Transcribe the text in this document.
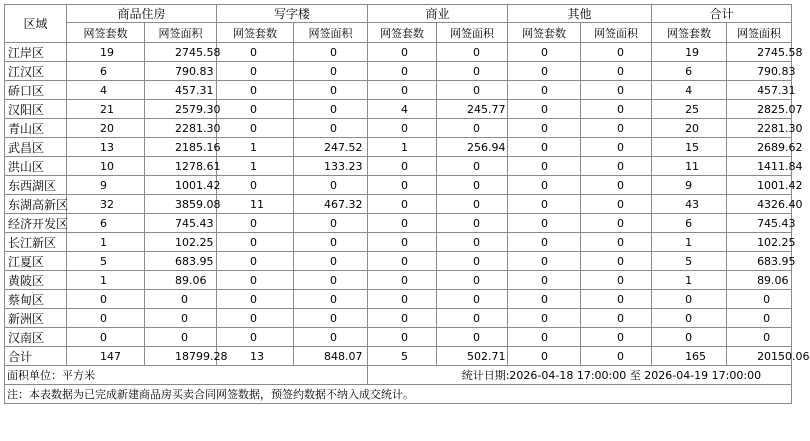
区域	商品住房		写字楼		商业		其他		合计	
	网签套数	网签面积	网签套数	网签面积	网签套数	网签面积	网签套数	网签面积	网签套数	网签面积
江岸区	19	2745.58	0	0	0	0	0	0	19	2745.58
江汉区	6	790.83	0	0	0	0	0	0	6	790.83
硚口区	4	457.31	0	0	0	0	0	0	4	457.31
汉阳区	21	2579.30	0	0	4	245.77	0	0	25	2825.07
青山区	20	2281.30	0	0	0	0	0	0	20	2281.30
武昌区	13	2185.16	1	247.52	1	256.94	0	0	15	2689.62
洪山区	10	1278.61	1	133.23	0	0	0	0	11	1411.84
东西湖区	9	1001.42	0	0	0	0	0	0	9	1001.42
东湖高新区	32	3859.08	11	467.32	0	0	0	0	43	4326.40
经济开发区	6	745.43	0	0	0	0	0	0	6	745.43
长江新区	1	102.25	0	0	0	0	0	0	1	102.25
江夏区	5	683.95	0	0	0	0	0	0	5	683.95
黄陂区	1	89.06	0	0	0	0	0	0	1	89.06
蔡甸区	0	0	0	0	0	0	0	0	0	0
新洲区	0	0	0	0	0	0	0	0	0	0
汉南区	0	0	0	0	0	0	0	0	0	0
合计	147	18799.28	13	848.07	5	502.71	0	0	165	20150.06
面积单位：平方米					统计日期:2026-04-18 17:00:00 至 2026-04-19 17:00:00					
注：本表数据为已完成新建商品房买卖合同网签数据，预签约数据不纳入成交统计。										
